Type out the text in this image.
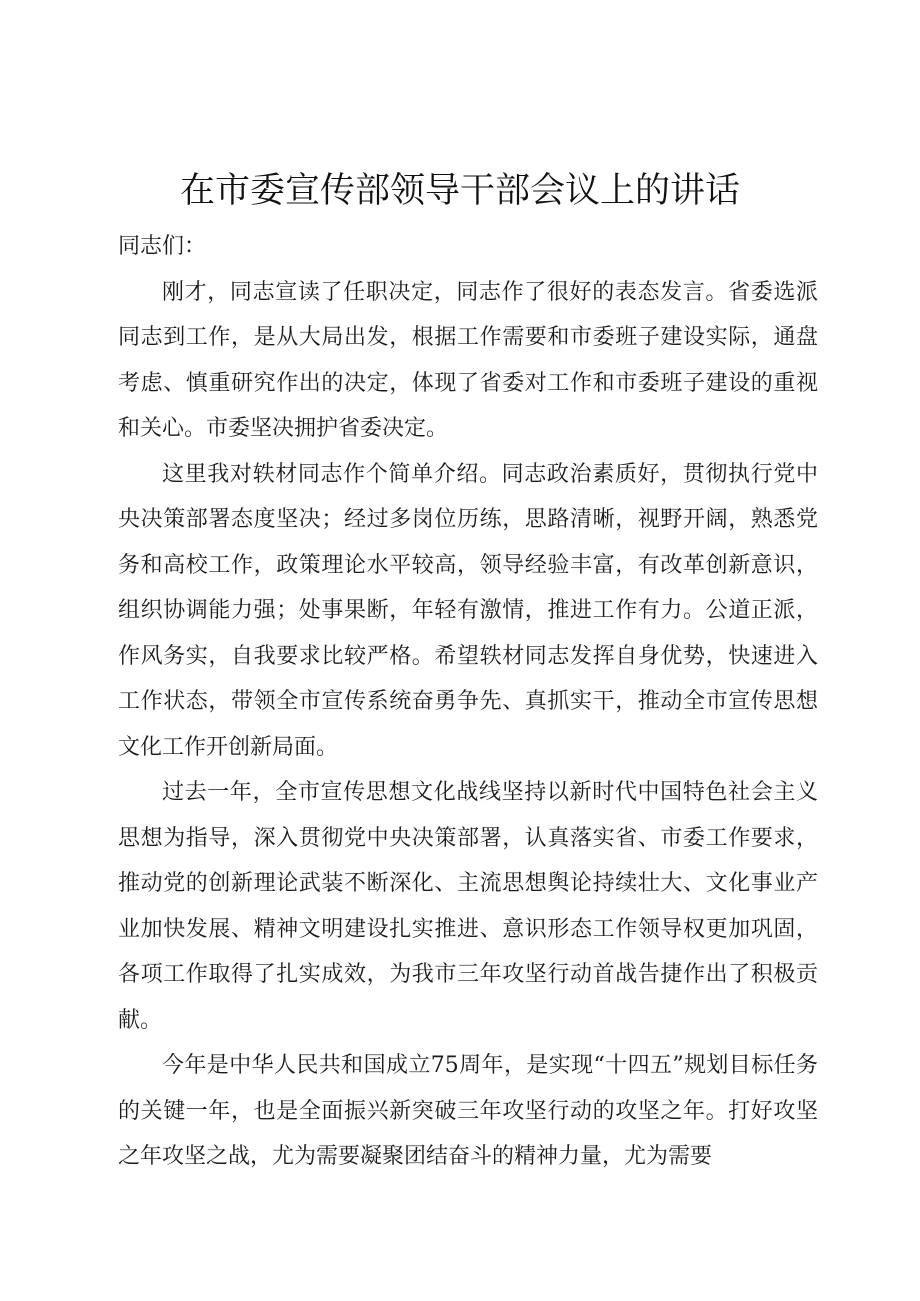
在市委宣传部领导干部会议上的讲话

同志们：

刚才，同志宣读了任职决定，同志作了很好的表态发言。省委选派同志到工作，是从大局出发，根据工作需要和市委班子建设实际，通盘考虑、慎重研究作出的决定，体现了省委对工作和市委班子建设的重视和关心。市委坚决拥护省委决定。

这里我对轶材同志作个简单介绍。同志政治素质好，贯彻执行党中央决策部署态度坚决；经过多岗位历练，思路清晰，视野开阔，熟悉党务和高校工作，政策理论水平较高，领导经验丰富，有改革创新意识，组织协调能力强；处事果断，年轻有激情，推进工作有力。公道正派，作风务实，自我要求比较严格。希望轶材同志发挥自身优势，快速进入工作状态，带领全市宣传系统奋勇争先、真抓实干，推动全市宣传思想文化工作开创新局面。

过去一年，全市宣传思想文化战线坚持以新时代中国特色社会主义思想为指导，深入贯彻党中央决策部署，认真落实省、市委工作要求，推动党的创新理论武装不断深化、主流思想舆论持续壮大、文化事业产业加快发展、精神文明建设扎实推进、意识形态工作领导权更加巩固，各项工作取得了扎实成效，为我市三年攻坚行动首战告捷作出了积极贡献。

今年是中华人民共和国成立75周年，是实现“十四五”规划目标任务的关键一年，也是全面振兴新突破三年攻坚行动的攻坚之年。打好攻坚之年攻坚之战，尤为需要凝聚团结奋斗的精神力量，尤为需要
